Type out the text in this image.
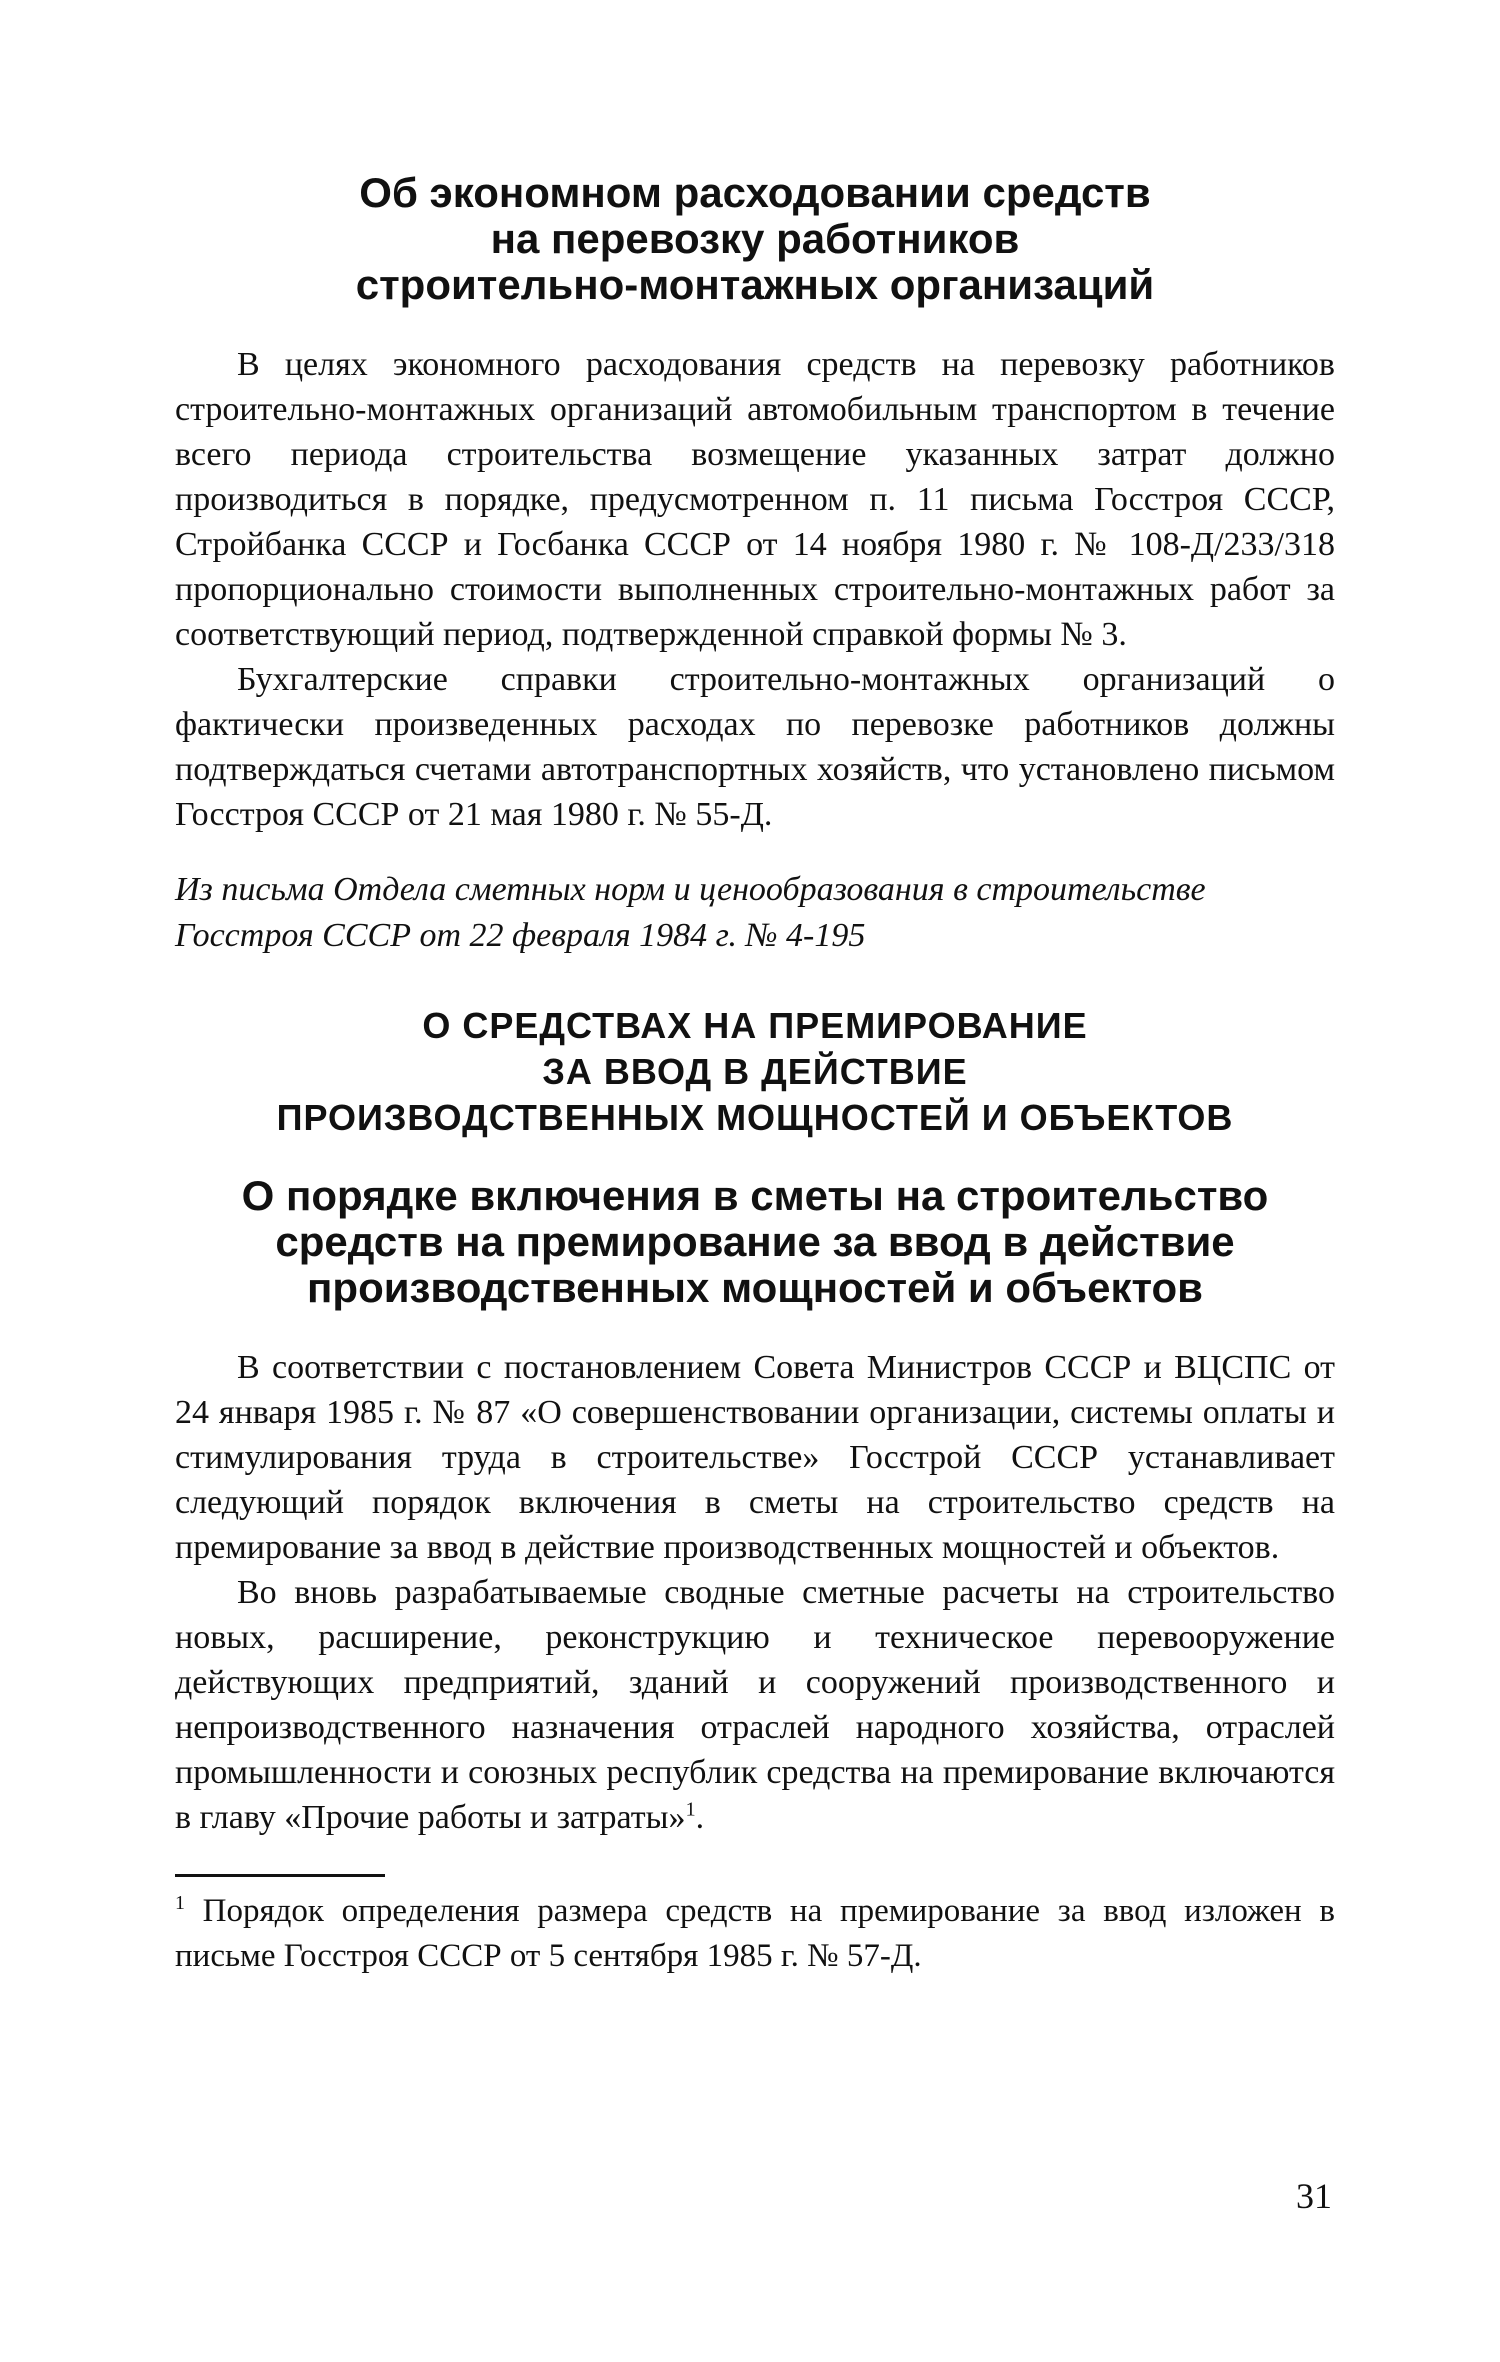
Об экономном расходовании средств
на перевозку работников
строительно-монтажных организаций

В целях экономного расходования средств на перевозку работников строительно-монтажных организаций автомобильным транспортом в течение всего периода строительства возмещение указанных затрат должно производиться в порядке, предусмотренном п. 11 письма Госстроя СССР, Стройбанка СССР и Госбанка СССР от 14 ноября 1980 г. № 108-Д/233/318 пропорционально стоимости выполненных строительно-монтажных работ за соответствующий период, подтвержденной справкой формы № 3.

Бухгалтерские справки строительно-монтажных организаций о фактически произведенных расходах по перевозке работников должны подтверждаться счетами автотранспортных хозяйств, что установлено письмом Госстроя СССР от 21 мая 1980 г. № 55-Д.

Из письма Отдела сметных норм и ценообразования в строительстве Госстроя СССР от 22 февраля 1984 г. № 4-195

О СРЕДСТВАХ НА ПРЕМИРОВАНИЕ
ЗА ВВОД В ДЕЙСТВИЕ
ПРОИЗВОДСТВЕННЫХ МОЩНОСТЕЙ И ОБЪЕКТОВ
О порядке включения в сметы на строительство
средств на премирование за ввод в действие
производственных мощностей и объектов

В соответствии с постановлением Совета Министров СССР и ВЦСПС от 24 января 1985 г. № 87 «О совершенствовании организации, системы оплаты и стимулирования труда в строительстве» Госстрой СССР устанавливает следующий порядок включения в сметы на строительство средств на премирование за ввод в действие производственных мощностей и объектов.

Во вновь разрабатываемые сводные сметные расчеты на строительство новых, расширение, реконструкцию и техническое перевооружение действующих предприятий, зданий и сооружений производственного и непроизводственного назначения отраслей народного хозяйства, отраслей промышленности и союзных республик средства на премирование включаются в главу «Прочие работы и затраты»$^1$.

$^1$ Порядок определения размера средств на премирование за ввод изложен в письме Госстроя СССР от 5 сентября 1985 г. № 57-Д.

31
